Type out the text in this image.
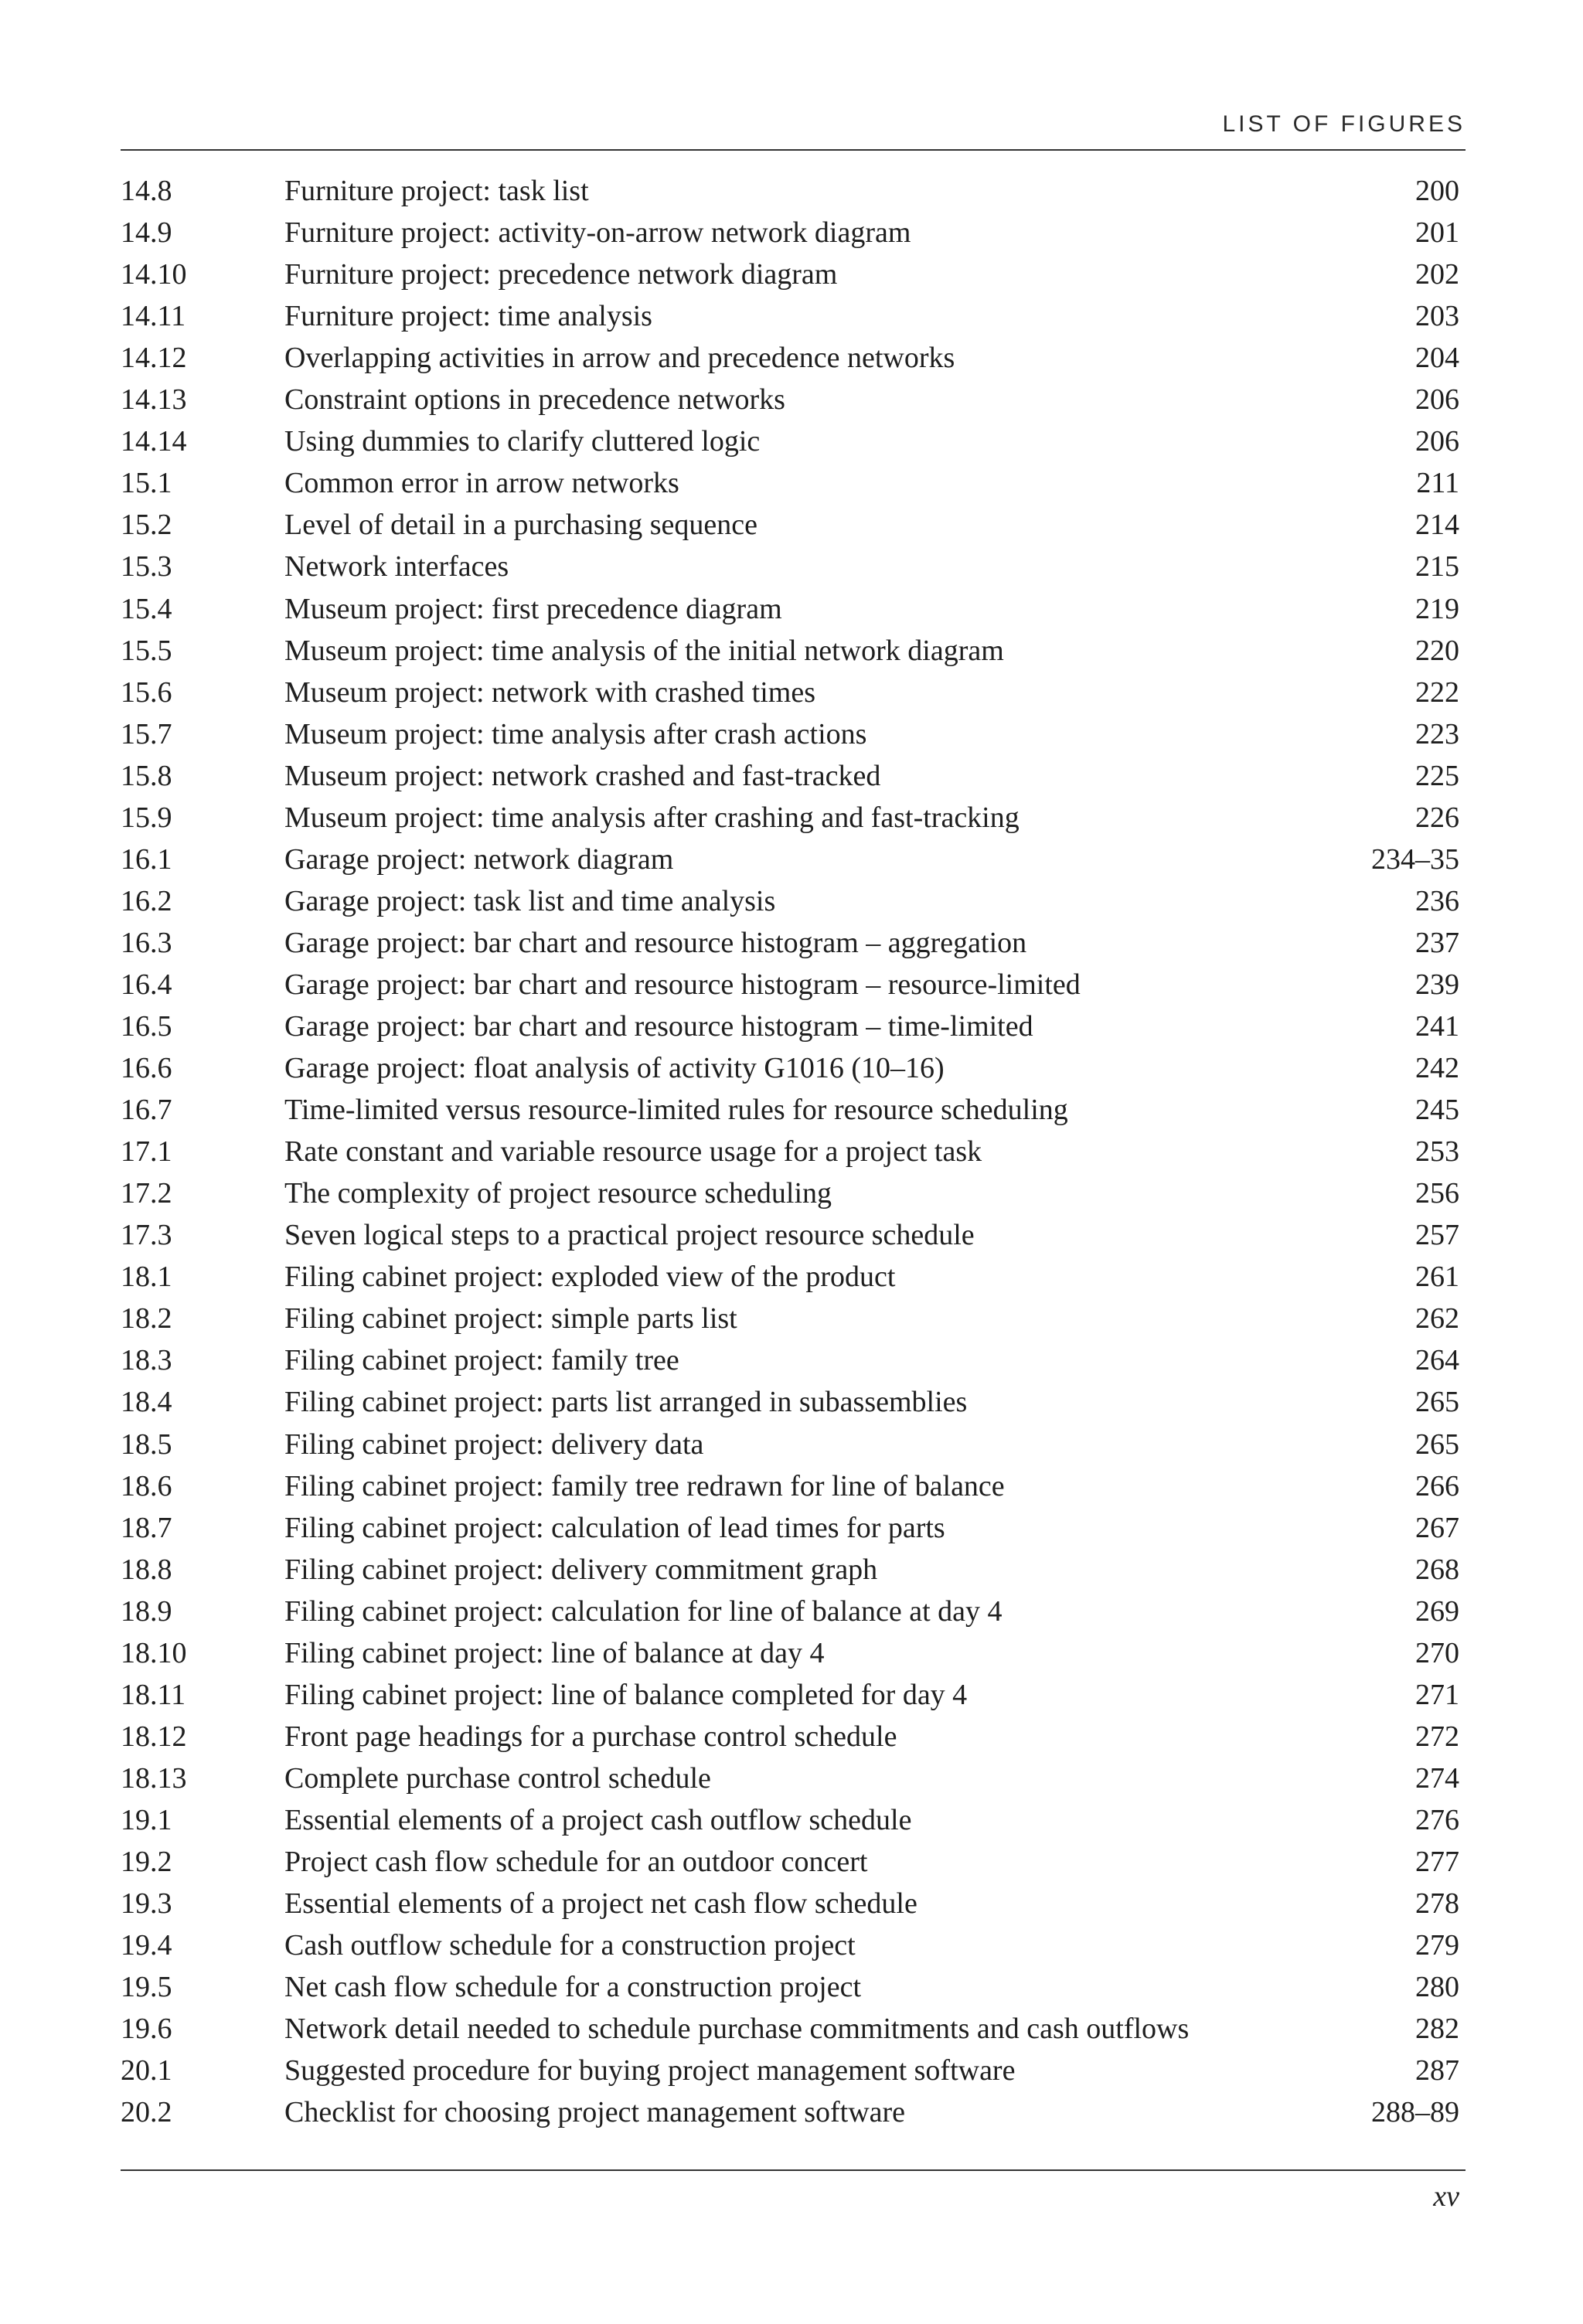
LIST OF FIGURES
14.8	Furniture project: task list	200
14.9	Furniture project: activity-on-arrow network diagram	201
14.10	Furniture project: precedence network diagram	202
14.11	Furniture project: time analysis	203
14.12	Overlapping activities in arrow and precedence networks	204
14.13	Constraint options in precedence networks	206
14.14	Using dummies to clarify cluttered logic	206
15.1	Common error in arrow networks	211
15.2	Level of detail in a purchasing sequence	214
15.3	Network interfaces	215
15.4	Museum project: first precedence diagram	219
15.5	Museum project: time analysis of the initial network diagram	220
15.6	Museum project: network with crashed times	222
15.7	Museum project: time analysis after crash actions	223
15.8	Museum project: network crashed and fast-tracked	225
15.9	Museum project: time analysis after crashing and fast-tracking	226
16.1	Garage project: network diagram	234–35
16.2	Garage project: task list and time analysis	236
16.3	Garage project: bar chart and resource histogram – aggregation	237
16.4	Garage project: bar chart and resource histogram – resource-limited	239
16.5	Garage project: bar chart and resource histogram – time-limited	241
16.6	Garage project: float analysis of activity G1016 (10–16)	242
16.7	Time-limited versus resource-limited rules for resource scheduling	245
17.1	Rate constant and variable resource usage for a project task	253
17.2	The complexity of project resource scheduling	256
17.3	Seven logical steps to a practical project resource schedule	257
18.1	Filing cabinet project: exploded view of the product	261
18.2	Filing cabinet project: simple parts list	262
18.3	Filing cabinet project: family tree	264
18.4	Filing cabinet project: parts list arranged in subassemblies	265
18.5	Filing cabinet project: delivery data	265
18.6	Filing cabinet project: family tree redrawn for line of balance	266
18.7	Filing cabinet project: calculation of lead times for parts	267
18.8	Filing cabinet project: delivery commitment graph	268
18.9	Filing cabinet project: calculation for line of balance at day 4	269
18.10	Filing cabinet project: line of balance at day 4	270
18.11	Filing cabinet project: line of balance completed for day 4	271
18.12	Front page headings for a purchase control schedule	272
18.13	Complete purchase control schedule	274
19.1	Essential elements of a project cash outflow schedule	276
19.2	Project cash flow schedule for an outdoor concert	277
19.3	Essential elements of a project net cash flow schedule	278
19.4	Cash outflow schedule for a construction project	279
19.5	Net cash flow schedule for a construction project	280
19.6	Network detail needed to schedule purchase commitments and cash outflows	282
20.1	Suggested procedure for buying project management software	287
20.2	Checklist for choosing project management software	288–89
xv
